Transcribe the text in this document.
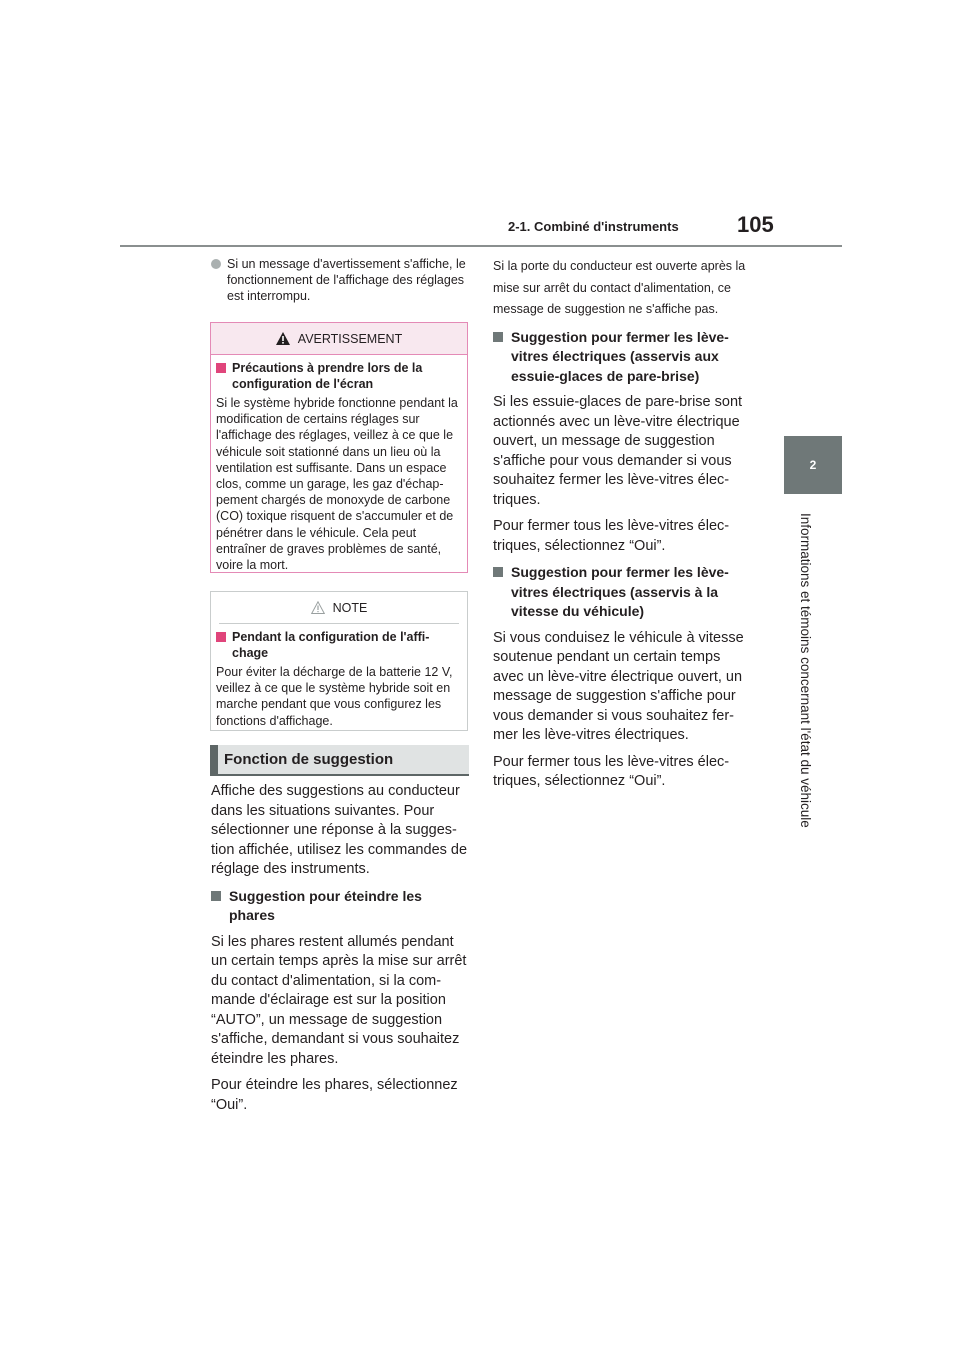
2-1. Combiné d'instruments	105
2
Informations et témoins concernant l'état du véhicule
Si un message d'avertissement s'affiche, le fonctionnement de l'affichage des réglages est interrompu.
AVERTISSEMENT
Précautions à prendre lors de la configuration de l'écran
Si le système hybride fonctionne pendant la modification de certains réglages sur l'affichage des réglages, veillez à ce que le véhicule soit stationné dans un lieu où la ventilation est suffisante. Dans un espace clos, comme un garage, les gaz d'échap-pement chargés de monoxyde de carbone (CO) toxique risquent de s'accumuler et de pénétrer dans le véhicule. Cela peut entraîner de graves problèmes de santé, voire la mort.
NOTE
Pendant la configuration de l'affi-chage
Pour éviter la décharge de la batterie 12 V, veillez à ce que le système hybride soit en marche pendant que vous configurez les fonctions d'affichage.
Fonction de suggestion
Affiche des suggestions au conducteur dans les situations suivantes. Pour sélectionner une réponse à la sugges-tion affichée, utilisez les commandes de réglage des instruments.
Suggestion pour éteindre les phares
Si les phares restent allumés pendant un certain temps après la mise sur arrêt du contact d'alimentation, si la com-mande d'éclairage est sur la position “AUTO”, un message de suggestion s'affiche, demandant si vous souhaitez éteindre les phares.
Pour éteindre les phares, sélectionnez “Oui”.
Si la porte du conducteur est ouverte après la mise sur arrêt du contact d'alimentation, ce message de suggestion ne s'affiche pas.
Suggestion pour fermer les lève-vitres électriques (asservis aux essuie-glaces de pare-brise)
Si les essuie-glaces de pare-brise sont actionnés avec un lève-vitre électrique ouvert, un message de suggestion s'affiche pour vous demander si vous souhaitez fermer les lève-vitres élec-triques.
Pour fermer tous les lève-vitres élec-triques, sélectionnez “Oui”.
Suggestion pour fermer les lève-vitres électriques (asservis à la vitesse du véhicule)
Si vous conduisez le véhicule à vitesse soutenue pendant un certain temps avec un lève-vitre électrique ouvert, un message de suggestion s'affiche pour vous demander si vous souhaitez fer-mer les lève-vitres électriques.
Pour fermer tous les lève-vitres élec-triques, sélectionnez “Oui”.
